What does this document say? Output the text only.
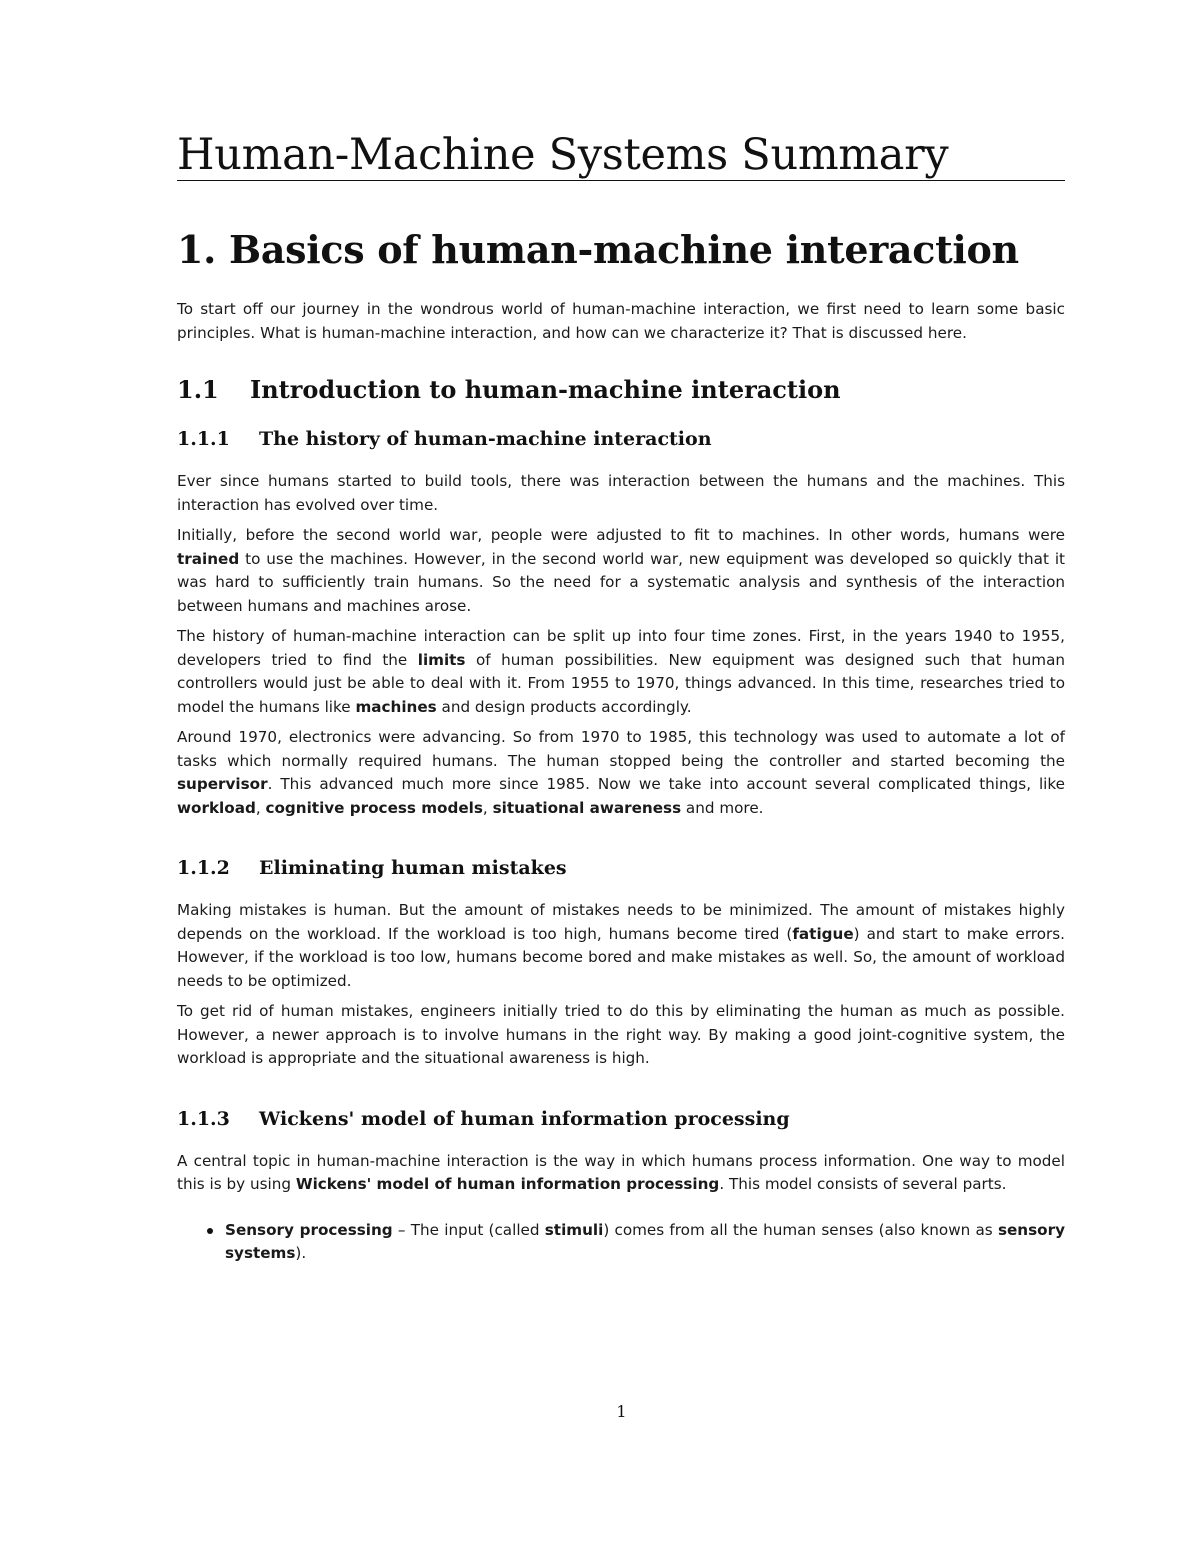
Human-Machine Systems Summary
1. Basics of human-machine interaction

To start off our journey in the wondrous world of human-machine interaction, we first need to learn some basic principles. What is human-machine interaction, and how can we characterize it? That is discussed here.

1.1 Introduction to human-machine interaction
1.1.1 The history of human-machine interaction

Ever since humans started to build tools, there was interaction between the humans and the machines. This interaction has evolved over time.

Initially, before the second world war, people were adjusted to fit to machines. In other words, humans were trained to use the machines. However, in the second world war, new equipment was developed so quickly that it was hard to sufficiently train humans. So the need for a systematic analysis and synthesis of the interaction between humans and machines arose.

The history of human-machine interaction can be split up into four time zones. First, in the years 1940 to 1955, developers tried to find the limits of human possibilities. New equipment was designed such that human controllers would just be able to deal with it. From 1955 to 1970, things advanced. In this time, researches tried to model the humans like machines and design products accordingly.

Around 1970, electronics were advancing. So from 1970 to 1985, this technology was used to automate a lot of tasks which normally required humans. The human stopped being the controller and started becoming the supervisor. This advanced much more since 1985. Now we take into account several complicated things, like workload, cognitive process models, situational awareness and more.

1.1.2 Eliminating human mistakes

Making mistakes is human. But the amount of mistakes needs to be minimized. The amount of mistakes highly depends on the workload. If the workload is too high, humans become tired (fatigue) and start to make errors. However, if the workload is too low, humans become bored and make mistakes as well. So, the amount of workload needs to be optimized.

To get rid of human mistakes, engineers initially tried to do this by eliminating the human as much as possible. However, a newer approach is to involve humans in the right way. By making a good joint-cognitive system, the workload is appropriate and the situational awareness is high.

1.1.3 Wickens' model of human information processing

A central topic in human-machine interaction is the way in which humans process information. One way to model this is by using Wickens' model of human information processing. This model consists of several parts.

Sensory processing – The input (called stimuli) comes from all the human senses (also known as sensory systems).
1
